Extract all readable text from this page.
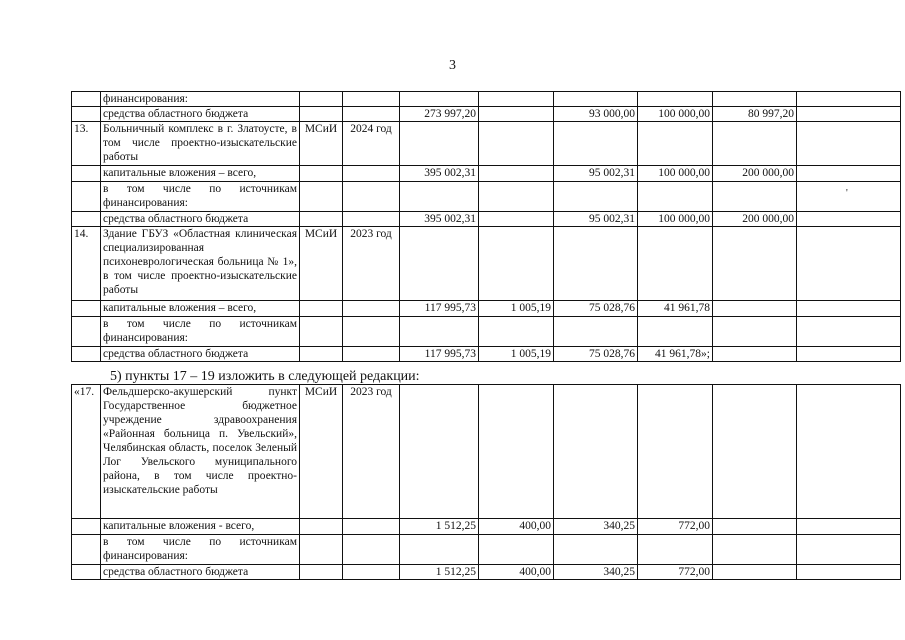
3
	финансирования:								
	средства областного бюджета			273 997,20		93 000,00	100 000,00	80 997,20	
13.	Больничный комплекс в г. Златоусте, в том числе проектно-изыскательские работы	МСиИ	2024 год						
	капитальные вложения – всего,			395 002,31		95 002,31	100 000,00	200 000,00	
	в том числе по источникам финансирования:								
	средства областного бюджета			395 002,31		95 002,31	100 000,00	200 000,00	
14.	Здание ГБУЗ «Областная клиническая специализированная психоневрологическая больница № 1», в том числе проектно-изыскательские работы	МСиИ	2023 год						
	капитальные вложения – всего,			117 995,73	1 005,19	75 028,76	41 961,78		
	в том числе по источникам финансирования:								
	средства областного бюджета			117 995,73	1 005,19	75 028,76	41 961,78»;		
'
5) пункты 17 – 19 изложить в следующей редакции:
«17.	Фельдшерско-акушерский пункт Государственное бюджетное учреждение здравоохранения «Районная больница п. Увельский», Челябинская область, поселок Зеленый Лог Увельского муниципального района, в том числе проектно-изыскательские работы	МСиИ	2023 год						
	капитальные вложения - всего,			1 512,25	400,00	340,25	772,00		
	в том числе по источникам финансирования:								
	средства областного бюджета			1 512,25	400,00	340,25	772,00		
